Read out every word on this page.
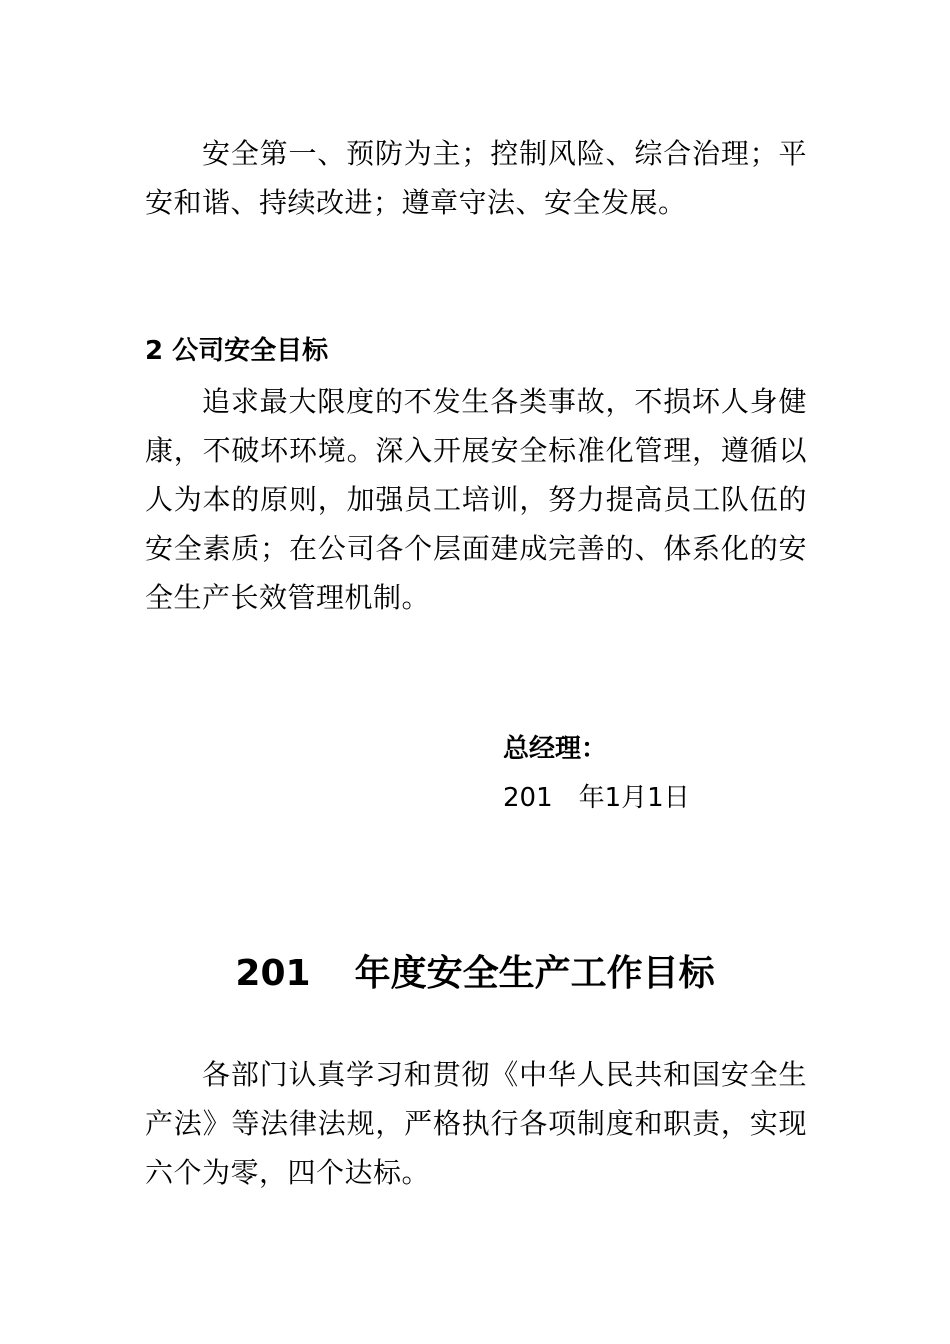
安全第一、预防为主；控制风险、综合治理；平安和谐、持续改进；遵章守法、安全发展。
2 公司安全目标
追求最大限度的不发生各类事故，不损坏人身健康，不破坏环境。深入开展安全标准化管理，遵循以人为本的原则，加强员工培训，努力提高员工队伍的安全素质；在公司各个层面建成完善的、体系化的安全生产长效管理机制。
总经理：
201　年1月1日
201 年度安全生产工作目标
各部门认真学习和贯彻《中华人民共和国安全生产法》等法律法规，严格执行各项制度和职责，实现六个为零，四个达标。
